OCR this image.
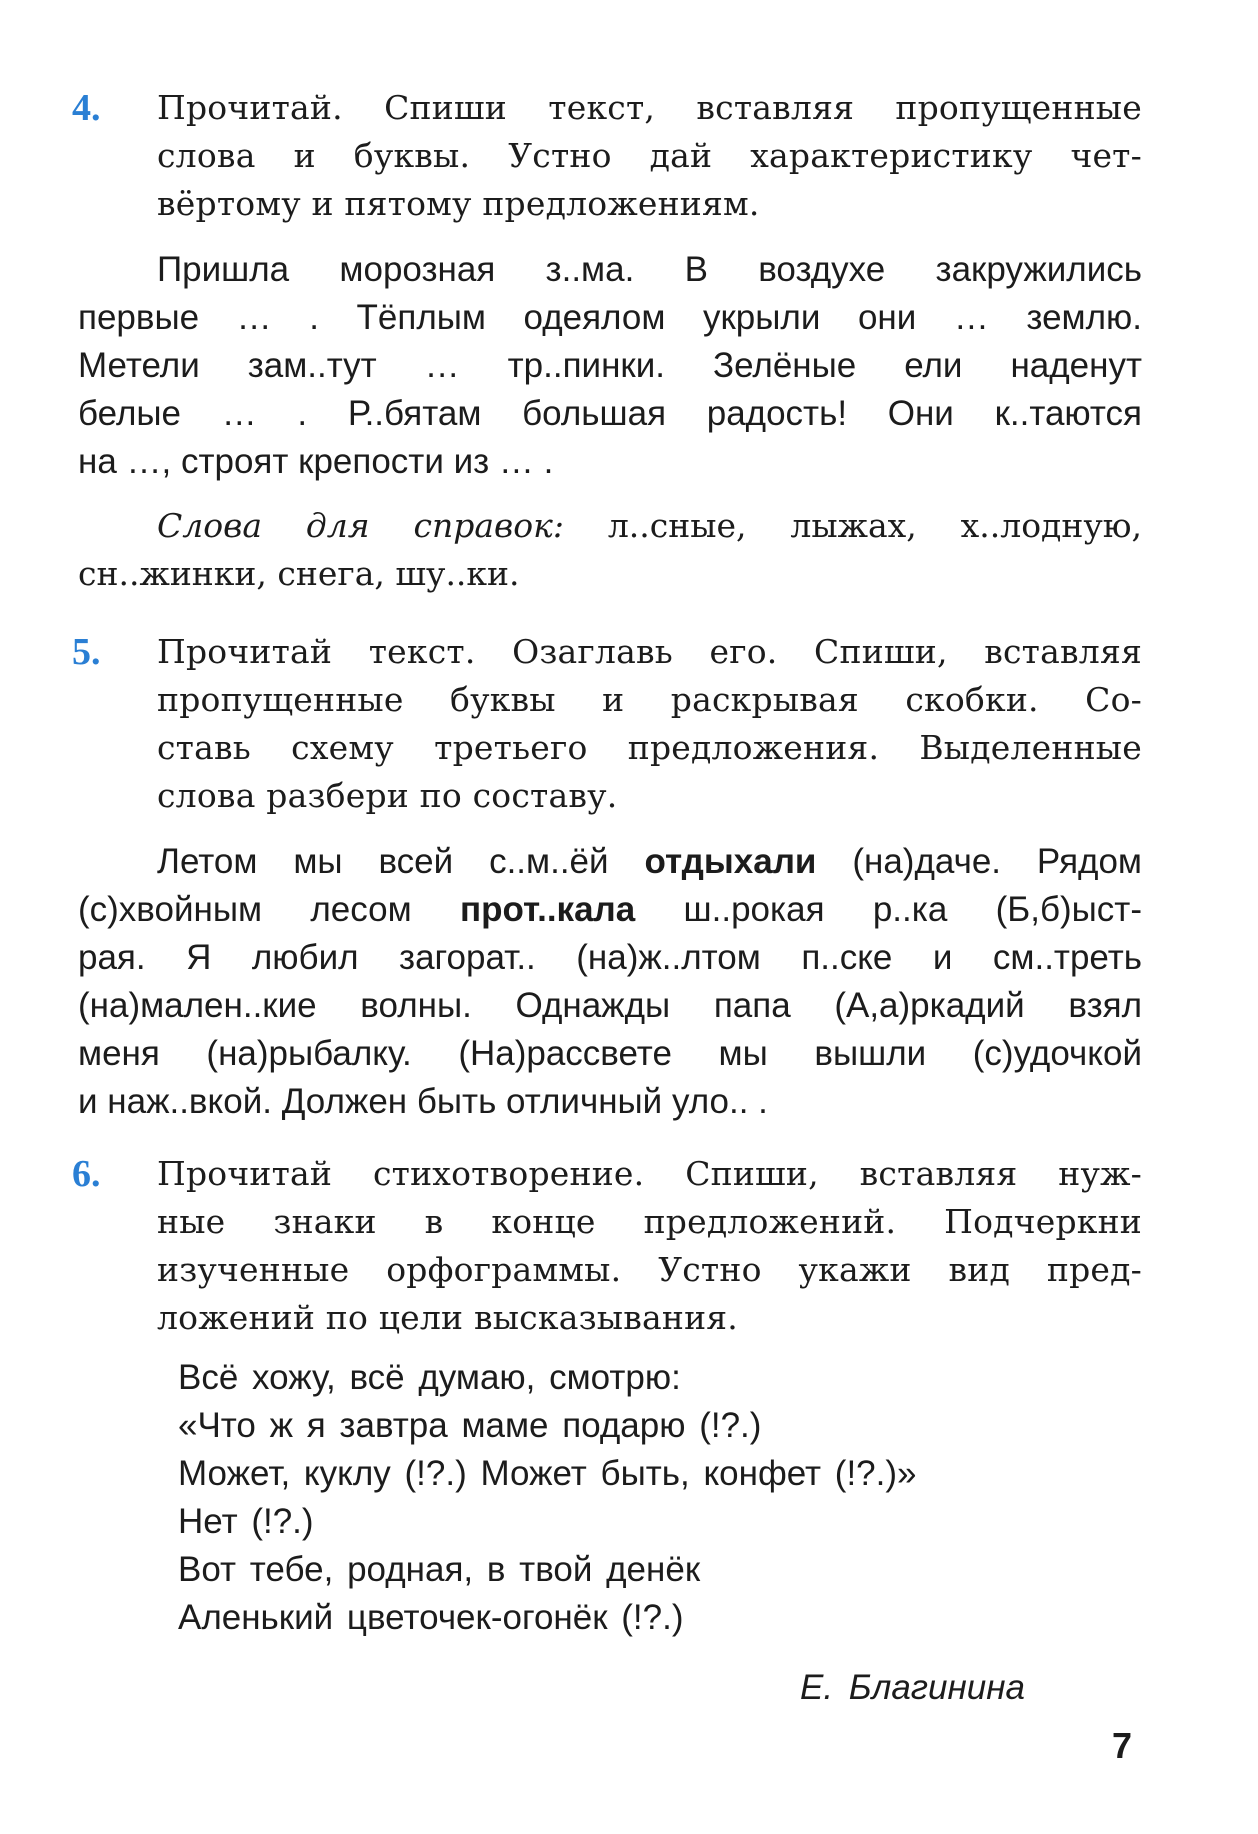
4. Прочитай. Спиши текст, вставляя пропущенные
слова и буквы. Устно дай характеристику чет-
вёртому и пятому предложениям.
Пришла морозная з..ма. В воздухе закружились
первые … . Тёплым одеялом укрыли они … землю.
Метели зам..тут … тр..пинки. Зелёные ели наденут
белые … . Р..бятам большая радость! Они к..таются
на …, строят крепости из … .
Слова для справок: л..сные, лыжах, х..лодную,
сн..жинки, снега, шу..ки.
5. Прочитай текст. Озаглавь его. Спиши, вставляя
пропущенные буквы и раскрывая скобки. Со-
ставь схему третьего предложения. Выделенные
слова разбери по составу.
Летом мы всей с..м..ёй отдыхали (на)даче. Рядом
(с)хвойным лесом прот..кала ш..рокая р..ка (Б,б)ыст-
рая. Я любил загорат.. (на)ж..лтом п..ске и см..треть
(на)мален..кие волны. Однажды папа (А,а)ркадий взял
меня (на)рыбалку. (На)рассвете мы вышли (с)удочкой
и наж..вкой. Должен быть отличный уло.. .
6. Прочитай стихотворение. Спиши, вставляя нуж-
ные знаки в конце предложений. Подчеркни
изученные орфограммы. Устно укажи вид пред-
ложений по цели высказывания.
Всё хожу, всё думаю, смотрю:
«Что ж я завтра маме подарю (!?.)
Может, куклу (!?.) Может быть, конфет (!?.)»
Нет (!?.)
Вот тебе, родная, в твой денёк
Аленький цветочек-огонёк (!?.)
Е. Благинина
7
